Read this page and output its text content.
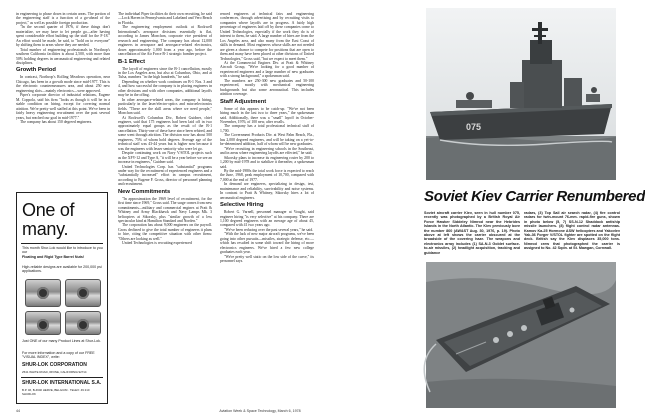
in engineering to phase down in certain areas. The portion of the engineering staff is a function of a go-ahead of the project," as well as possible foreign production.

"In the second quarter of 1976, if these things don't materialize, we may have to let people go—after having spent considerable effort building up the staff for the F-18." An effort would be made, he said, to "hold on to everyone" by shifting them to areas where they are needed.

Total number of engineering professionals in Northrop's southern California facilities is about 2,500, with more than 50% holding degrees in aeronautical engineering and related disciplines.

Growth Period

In contrast, Northrop's Rolling Meadows operation, near Chicago, has been in a growth mode since mid-1977. This is the electronic countermeasures area, and about 250 new engineering slots—mainly electronics—were approved.

Piper's corporate director of industrial relations, Eugene M. Coppola, said his firm "looks as though it will be in a stable condition on hiring, except for covering normal attrition. We're pretty well staffed at this point. We've been in fairly heavy engineering recruitment over the past several years, but reached our goal in mid-1977."

The company has about 150 degreed engineers.

One of
many.
This month Shur-Lok would like to introduce to you our
Floating and Rigid Type Barrel Nuts!
High-reliable designs are available for 200,000 psi applications.
Just ONE of our many Product Lines at Shur-Lok.
For more information and a copy of our FREE "VISUAL INDEX", write:
SHUR-LOK CORPORATION
2541 WHITE ROAD, IRVINE, CALIFORNIA 92714
SHUR-LOK INTERNATIONAL S.A.
B.P. 46, B-4640 HERVE, BELGIUM · TELEX: 49 210 SHURLOK

The individual Piper facilities do their own recruiting, he said—Lock Haven in Pennsylvania and Lakeland and Vero Beach in Florida.

The engineering employment outlook at Rockwell International's aerospace divisions essentially is flat, according to James Monchon, corporate vice president of research and engineering. The company has about 12,000 engineers in aerospace and aerospace-related electronics, down approximately 1,000 from a year ago, before the cancellation of the Air Force B-1 strategic bomber project.

B-1 Effect

The layoff of engineers since the B-1 cancellation, mostly in the Los Angeles area, but also at Columbus, Ohio, and at Tulsa, numbers "in the high hundreds," he said.

Depending on whether work continues on B-1 Nos. 3 and 4, and how successful the company is in placing engineers in other divisions and with other companies, additional layoffs may be in the offing.

In other aerospace-related areas, the company is hiring, particularly in the laser/electro-optics and microelectronics fields. "These are the skill areas where we need people," Monchon said.

At Rockwell's Columbus Div., Robert Guidner, chief engineer, said that 175 engineers had been laid off in two approximately equal groups as the result of the B-1 cancellation. Thirty-one of these have since been rehired, and some went through attrition. The division now has about 500 engineers, 75% of whom hold degrees. Average age of the technical staff was 43-44 years but is higher now because it was the engineers with lesser seniority who were let go.

Despite continuing work on Navy V/STOL projects such as the XFV-12 and Type A, "it will be a year before we see an increase in engineers," Guidner said.

United Technologies Corp. has "substantial" programs under way for the recruitment of experienced engineers and a "substantially increased" effort in campus recruitment, according to Eugene F. Gross, director of personnel planning and recruitment.

New Commitments

"In approximation the 1969 level of recruitment, for the first time since 1969," Gross said. The surge comes from new commitments—military and commercial engines at Pratt & Whitney and Army Blackhawk and Navy Lamps Mk. 3 helicopters at Sikorsky, plus "similar growth of a less spectacular kind at Hamilton Standard and Norden."

The corporation has about 9,000 engineers on the payroll. Gross declined to give the total number of engineers it plans to hire, citing the competitive situation with other firms: "Others are looking as well."

United Technologies is recruiting experienced

renced engineers at technical fairs and engineering conferences, through advertising and by recruiting visits to companies where layoffs are in progress. A fairly high percentage of engineers laid off by these companies come to United Technologies, especially if the work they do is of interest to them, he said. A large number of hires are from the Los Angeles area, and also many from the East Coast of skills in demand. Most engineers whose skills are not needed are given a chance to compete for positions that are open to them and many have been placed at other divisions of United Technologies," Gross said, "but we expect to meet them."

At the Commercial Engines Div. at Pratt & Whitney Aircraft Group, "We're looking for a good number of experienced engineers and a large number of new graduates with a strong background," a spokesman said.

The numbers are 250-300 new graduates and 50-100 experienced, mostly with mechanical engineering backgrounds but also some aeronautical. This includes attrition coverage.

Staff Adjustment

Some of this appears to be catch-up. "We've not been hiring much in the last two to three years," the spokesman said. Additionally, there was a "small" layoff in October-November, 1976, of 100 new, after recalls.

The company has a total professional technical staff of 1,700.

The Government Products Div. at West Palm Beach, Fla., has 2,000 degreed engineers, and will be taking on a yet-to-be-determined addition, half of whom will be new graduates.

"We're recruiting in engineering schools in the Southeast, and in areas where engineering layoffs are effected," he said.

Sikorsky plans to increase its engineering roster by 200 to 1,200 by mid-1978 and to stabilize it thereafter, a spokesman said.

By the mid-1980s the total work force is expected to reach the June, 1968, peak employment of 10,700, compared with 7,000 at the end of 1977.

In demand are engineers, specializing in design, test, maintenance and reliability, survivability and noise systems. In contrast to Pratt & Whitney, Sikorsky hires a lot of aeronautical engineers.

Selective Hiring

Robert G. Varnell, personnel manager at Vought, said engineer hiring "is very selective" at his company. There are 1,100 degreed engineers with an average age of about 45, compared with 41 two years ago.

"We've been reducing over the past several years," he said.

"With the lack of new major aircraft programs, we've been going into other pursuits—missiles, strategic defense, etc.—which has resulted in some shift toward the hiring of more electronics engineers. We've hired a few new college graduates each year.

"We're pretty well static on the low side of the curve," its personnel says.

075
Soviet Kiev Carrier Renumbered
Soviet aircraft carrier Kiev, seen in hull number 075, recently was photographed by a British Royal Air Force Hawker Siddeley Nimrod near the Hebrides Islands in the North Atlantic. The Kiev previously bore the number 860 (AW&ST Aug. 30, 1976, p. 19). Photo above at left shows the carrier obscured at the broadside of the covering haze. The weapons and electronics array includes (1) SA-N-3 Goblet surface-to-air missiles, (2) headlight acquisition, tracking and guidance
radars, (3) Top Sail air search radar, (4) fire control radars for twin-mount 76-mm. rapid-fire guns, shown in photo below (5, 7) SS-N-12 Shaddock antiship missile launchers. (8) flight control radar antennas. Kamov Ka-25 Hormone ASW helicopters and Yakovlev Yak-36 Forger V/STOL fighter are spotted on the flight deck. British say the Kiev displaces 35,000 tons. Nimrod crew that photographed the carrier is assigned to No. 42 Sqdn. at St. Mawgan, Cornwall.
44	Aviation Week & Space Technology, March 6, 1978
